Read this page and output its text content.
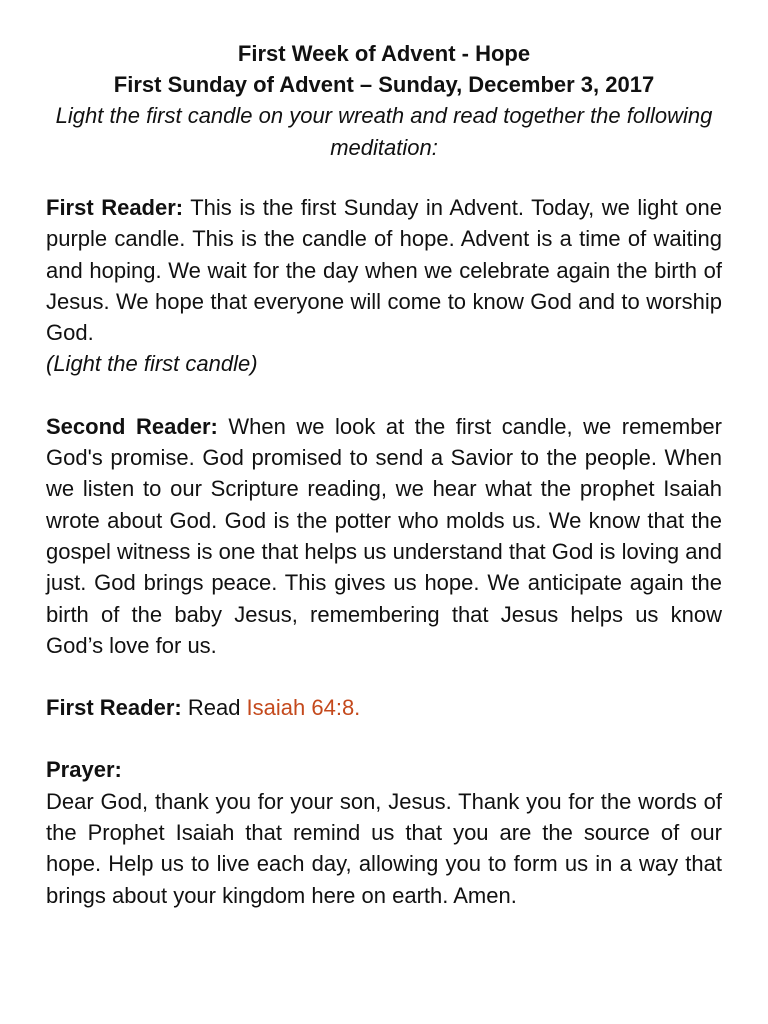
First Week of Advent - Hope
First Sunday of Advent – Sunday, December 3, 2017
Light the first candle on your wreath and read together the following meditation:

First Reader: This is the first Sunday in Advent. Today, we light one purple candle. This is the candle of hope. Advent is a time of waiting and hoping. We wait for the day when we celebrate again the birth of Jesus. We hope that everyone will come to know God and to worship God.
(Light the first candle)

Second Reader: When we look at the first candle, we remember God's promise. God promised to send a Savior to the people. When we listen to our Scripture reading, we hear what the prophet Isaiah wrote about God. God is the potter who molds us. We know that the gospel witness is one that helps us understand that God is loving and just. God brings peace. This gives us hope. We anticipate again the birth of the baby Jesus, remembering that Jesus helps us know God’s love for us.

First Reader: Read Isaiah 64:8.

Prayer:
Dear God, thank you for your son, Jesus. Thank you for the words of the Prophet Isaiah that remind us that you are the source of our hope. Help us to live each day, allowing you to form us in a way that brings about your kingdom here on earth. Amen.
